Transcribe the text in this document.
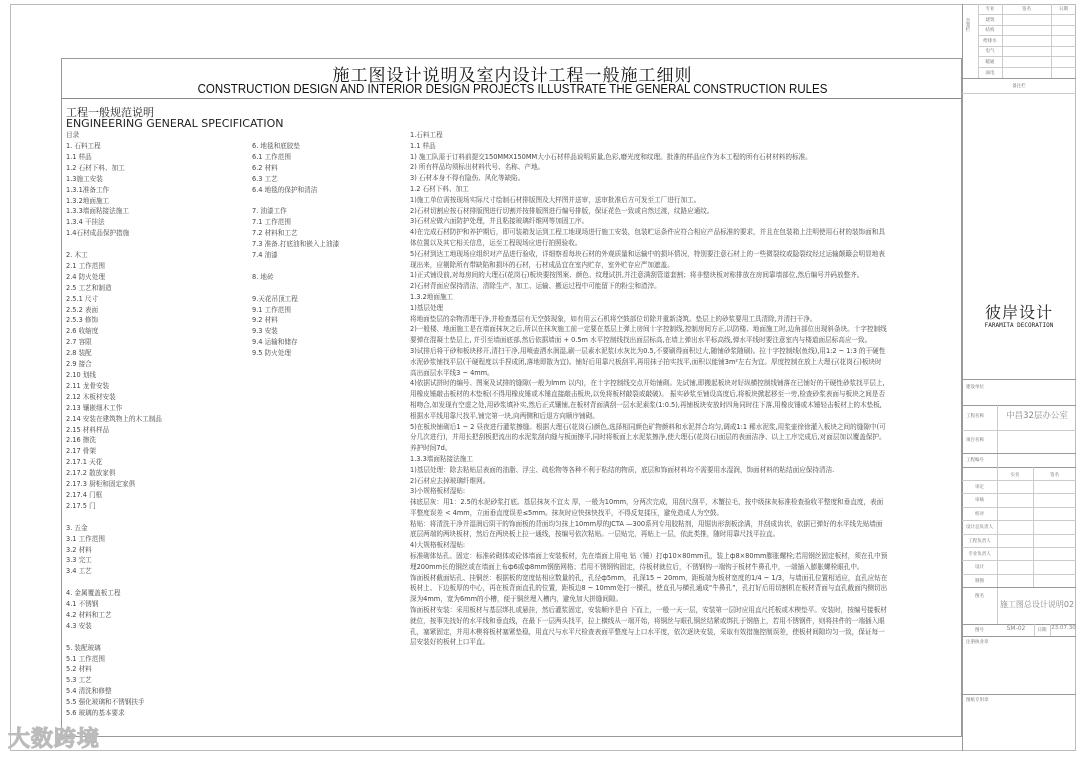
施工图设计说明及室内设计工程一般施工细则
CONSTRUCTION DESIGN AND INTERIOR DESIGN PROJECTS ILLUSTRATE THE GENERAL CONSTRUCTION RULES
工程一般规范说明
ENGINEERING GENERAL SPECIFICATION
目录
1. 石料工程
1.1 样品
1.2 石材下料、加工
1.3施工安装
1.3.1准备工作
1.3.2地面施工
1.3.3墙面粘接法施工
1.3.4 干挂法
1.4石材成品保护措施
2. 木工
2.1 工作范围
2.4 防火处理
2.5 工艺和制造
2.5.1 尺寸
2.5.2 表面
2.5.3 修饰
2.6 收缩度
2.7 容限
2.8 装配
2.9 接合
2.10 划线
2.11 龙骨安装
2.12 木板材安装
2.13 镶嵌细木工作
2.14 安装在建筑物上的木工制品
2.15 材料样品
2.16 擦洗
2.17 骨架
2.17.1 天花
2.17.2 散放家俱
2.17.3 厨柜和固定家俱
2.17.4 门框
2.17.5 门
3. 五金
3.1 工作范围
3.2 材料
3.3 完工
3.4 工艺
4. 金属覆盖板工程
4.1 不锈钢
4.2 材料和工艺
4.3 安装
5. 装配玻璃
5.1 工作范围
5.2 材料
5.3 工艺
5.4 清洗和修整
5.5 强化玻璃和不锈钢扶手
5.6 玻璃的基本要求
6. 地毯和底胶垫
6.1 工作范围
6.2 材料
6.3 工艺
6.4 地毯的保护和清洁
7. 油漆工作
7.1 工作范围
7.2 材料和工艺
7.3 准备.打底油和嵌入上油漆
7.4 油漆
8. 地砖
9.天花吊顶工程
9.1 工作范围
9.2 材料
9.3 安装
9.4 运输和储存
9.5 防火处理

1.石料工程

1.1 样品

1) 施工队需于订料前提交150MMX150MM大小石材样品说明质量,色彩,磨光度和纹理。批准的样品应作为本工程的所有石材材料的标准。

2) 所有样品均须标出材料代号、名称、产地。

3) 石材本身不得有隐伤、风化等缺陷。

1.2 石材下料、加工

1)施工单位需按现场实际尺寸绘制石材排版图及大样图并送审，送审批准后方可发至工厂进行加工。

2)石材切割应按石材排版图进行切割并按排版图进行编号排版，保证花色一致或自然过渡，纹路应通纹。

3)石材应做六面防护处理，并且粘接玻璃纤维网等加固工序。

4)在完成石材防护和养护期后，即可装箱发运到工程工地现场进行施工安装，包装贮运条件应符合相应产品标准的要求，并且在包装箱上注明使用石材的装饰面和具体位置以及其它相关信息，运至工程现场应进行拍照验收。

5)石材到达工地现场应组织对产品进行验收，详细察看每块石材的外观质量和运输中的损坏情况，特别要注意石材上的一些微裂纹或隐裂纹经过运输颠簸会明显地表现出来，应剔除所有带缺陷和损坏的石材，石材成品宜在室内贮存，室外贮存应严加遮盖。

1)正式铺设前,对每房间的大理石(花岗石)板块要按图案、颜色、纹理试拼,并注意满刮管道套割；将非整块板对称排放在房间靠墙部位,然后编号并码放整齐。

2)石材背面应保持清洁，清除生产、加工、运输、搬运过程中可能留下的粉尘和渣滓。

1.3.2地面施工

1)基层处理

将地面垫层的杂物清理干净,并检查基层有无空鼓现象，如有用云石机将空鼓部位切除并重新浇筑。垫层上的砂浆要用工具清除,并清扫干净。

2)一般楼、地面施工是在墙面抹灰之后,所以在抹灰施工前一定要在基层上弹上房间十字控制线,控制房间方正,以防楼、地面施工时,边角部位出现斜条块。十字控制线要弹在混凝土垫层上, 并引至墙面底部,然后依据墙面 + 0.5m 水平控制线找出面层标高,在墙上弹出水平标高线,弹水平线时要注意室内与楼道面层标高应一致。

3)试排后将干砂和板块移开,清扫干净,用喷壶洒水润湿,刷一层素水泥浆(水灰比为0.5,不要刷得面积过大,随铺砂浆随刷)。拉十字控制线(鱼线),用1:2 ~ 1:3 的干硬性水泥砂浆铺找平层(干硬程度以手捏成团,落地即散为宜)。铺好后用靠尺板刮平,再用抹子拍实找平,面积以能铺3m²左右为宜。厚度控制在放上大理石(花岗石)板块时高出面层水平线3 ~ 4mm。

4)依据试拼时的编号、图案及试排的缝隙(一般为lmm 以内)，在十字控制线交点开始铺砌。先试铺,即搬起板块对好纵横控制线铺落在已铺好的干硬性砂浆找平层上,用橡皮锤敲击板材的木垫板(不得用橡皮锤或木锤直接敲击板块,以免将板材敲裂或敲破)。 振实砂浆至铺设高度后,将板块掀起移至一旁,检查砂浆表面与板块之间是否相吻合,如发现有空虚之处,用砂浆填补实,然后正式镶铺,在板材背面满刮一层水泥素浆(1:0.5),再铺板块安放时四角同时往下落,用橡皮锤或木锤轻击板材上的木垫板,根据水平线用靠尺找平,铺完第一块,向两侧和后退方向顺序铺砌。

5)在板块铺砌后1 ~ 2 昼夜进行灌浆擦缝。根据大理石(花岗石)颜色,选择相同颜色矿物颜料和水泥拌合均匀,调成1:1 稀水泥浆,用浆壶徐徐灌入板块之间的缝隙中(可分几次进行)，并用长把刮板把流出的水泥浆刮向缝与板面擦平,同时将板面上水泥浆擦净,使大理石(花岗石)面层的表面洁净、以上工序完成后,对面层加以覆盖保护。养护时间7d。

1.3.3墙面粘接法施工

1)基层处理：除去粘贴层表面的油脂、浮尘、疏松物等各种不利于粘结的物质，底层和饰面材料均不需要用水湿润，饰面材料的粘结面应保持清洁.

2)石材应去掉玻璃纤维网。

3)小规格板材湿贴:

抹底层灰：用1：2.5的水泥砂浆打底。基层抹灰不宜太 厚，一般为10mm，分两次完成，用刮尺刮平，木蟹拉毛，按中级抹灰标准检查验收平整度和垂直度，表面平整度误差 < 4mm，立面垂直度误差≤5mm。抹灰时应快抹快找平，不得反复揉压，避免造成人为空鼓。

粘贴：将清洗干净并湿润后阴干的饰面板的背面均匀抹上10mm厚的JCTA —300系列专用胶粘剂，用锯齿形刮板涂满，并刮成齿状，依据已弹好的水平线先贴墙面底层两端的两块板材，然后在两块板上拉一通线，按编号依次粘贴。一层贴完，再贴上一层，依此类推，随时用靠尺找平拉直。

4)大规格板材湿贴:

标准砌体钻孔、固定：标准砖砌体或砼体墙面上安装板材，先在墙面上用电 钻（锤）打ф10×80mm孔，装上ф8×80mm膨胀螺栓;若用钢丝固定板材，须在孔中预埋200mm长的铜丝或在墙面上布ф6或ф8mm钢筋网格；若用不锈钢钩固定，待板材就位后，不锈钢钩一端钩于板材牛鼻孔中，一端插入膨胀螺栓眼孔中。

饰面板材截面钻孔、挂铜丝：根据板的宽度钻相应数量的孔，孔径ф5mm， 孔深15 ~ 20mm，距板端为板材宽度的1/4 ~ 1/3，与墙面孔位置相适应，直孔应钻在板材上、下边板厚的中心，再在板背面直孔的位置，距板边8 ~ 10mm处打一横孔，使直孔与横孔通成“牛鼻孔”，孔打好后用切割机在板材背面与直孔截面内侧切出深为4mm，宽为6mm的小槽，便于铜丝埋入槽内，避免加大拼缝间隙。

饰面板材安装：采用板材与基层绑扎或悬挂，然后灌浆固定，安装顺序是自 下而上，一般一天一层，安装第一层时应用直尺托板或木楔垫平。安装时，按编号接板材就位，按事先找好的水平线和垂直线，在最下一层两头找平，拉上横线从一端开始，将铜丝与眼孔铜丝结紧或绑扎于钢筋上，若用不锈钢件，则将挂件的一端插入眼孔，塞紧固定，并用木楔将板材塞紧垫稳，用直尺与水平尺检查表面平整度与上口水平度，依次逐块安装，采取有效措施控制误差，使板材间隙均匀一致，保证每一层安装好的板材上口平直。

会签栏
专业	签名	日期
备注栏
彼岸设计
FARAMITA DECORATION
建设单位
工程名称	中昌32层办公室
项目名称
工程编号
实名	签名
图名
施工图总设计说明02
图号	SM-02	日期 23.07.30
注册执业章
图纸专用章
建筑
结构
给排水
电气
暖通
弱电
审定
审核
校对
设计总负责人
工程负责人
专业负责人
设计
制图
大数跨境
